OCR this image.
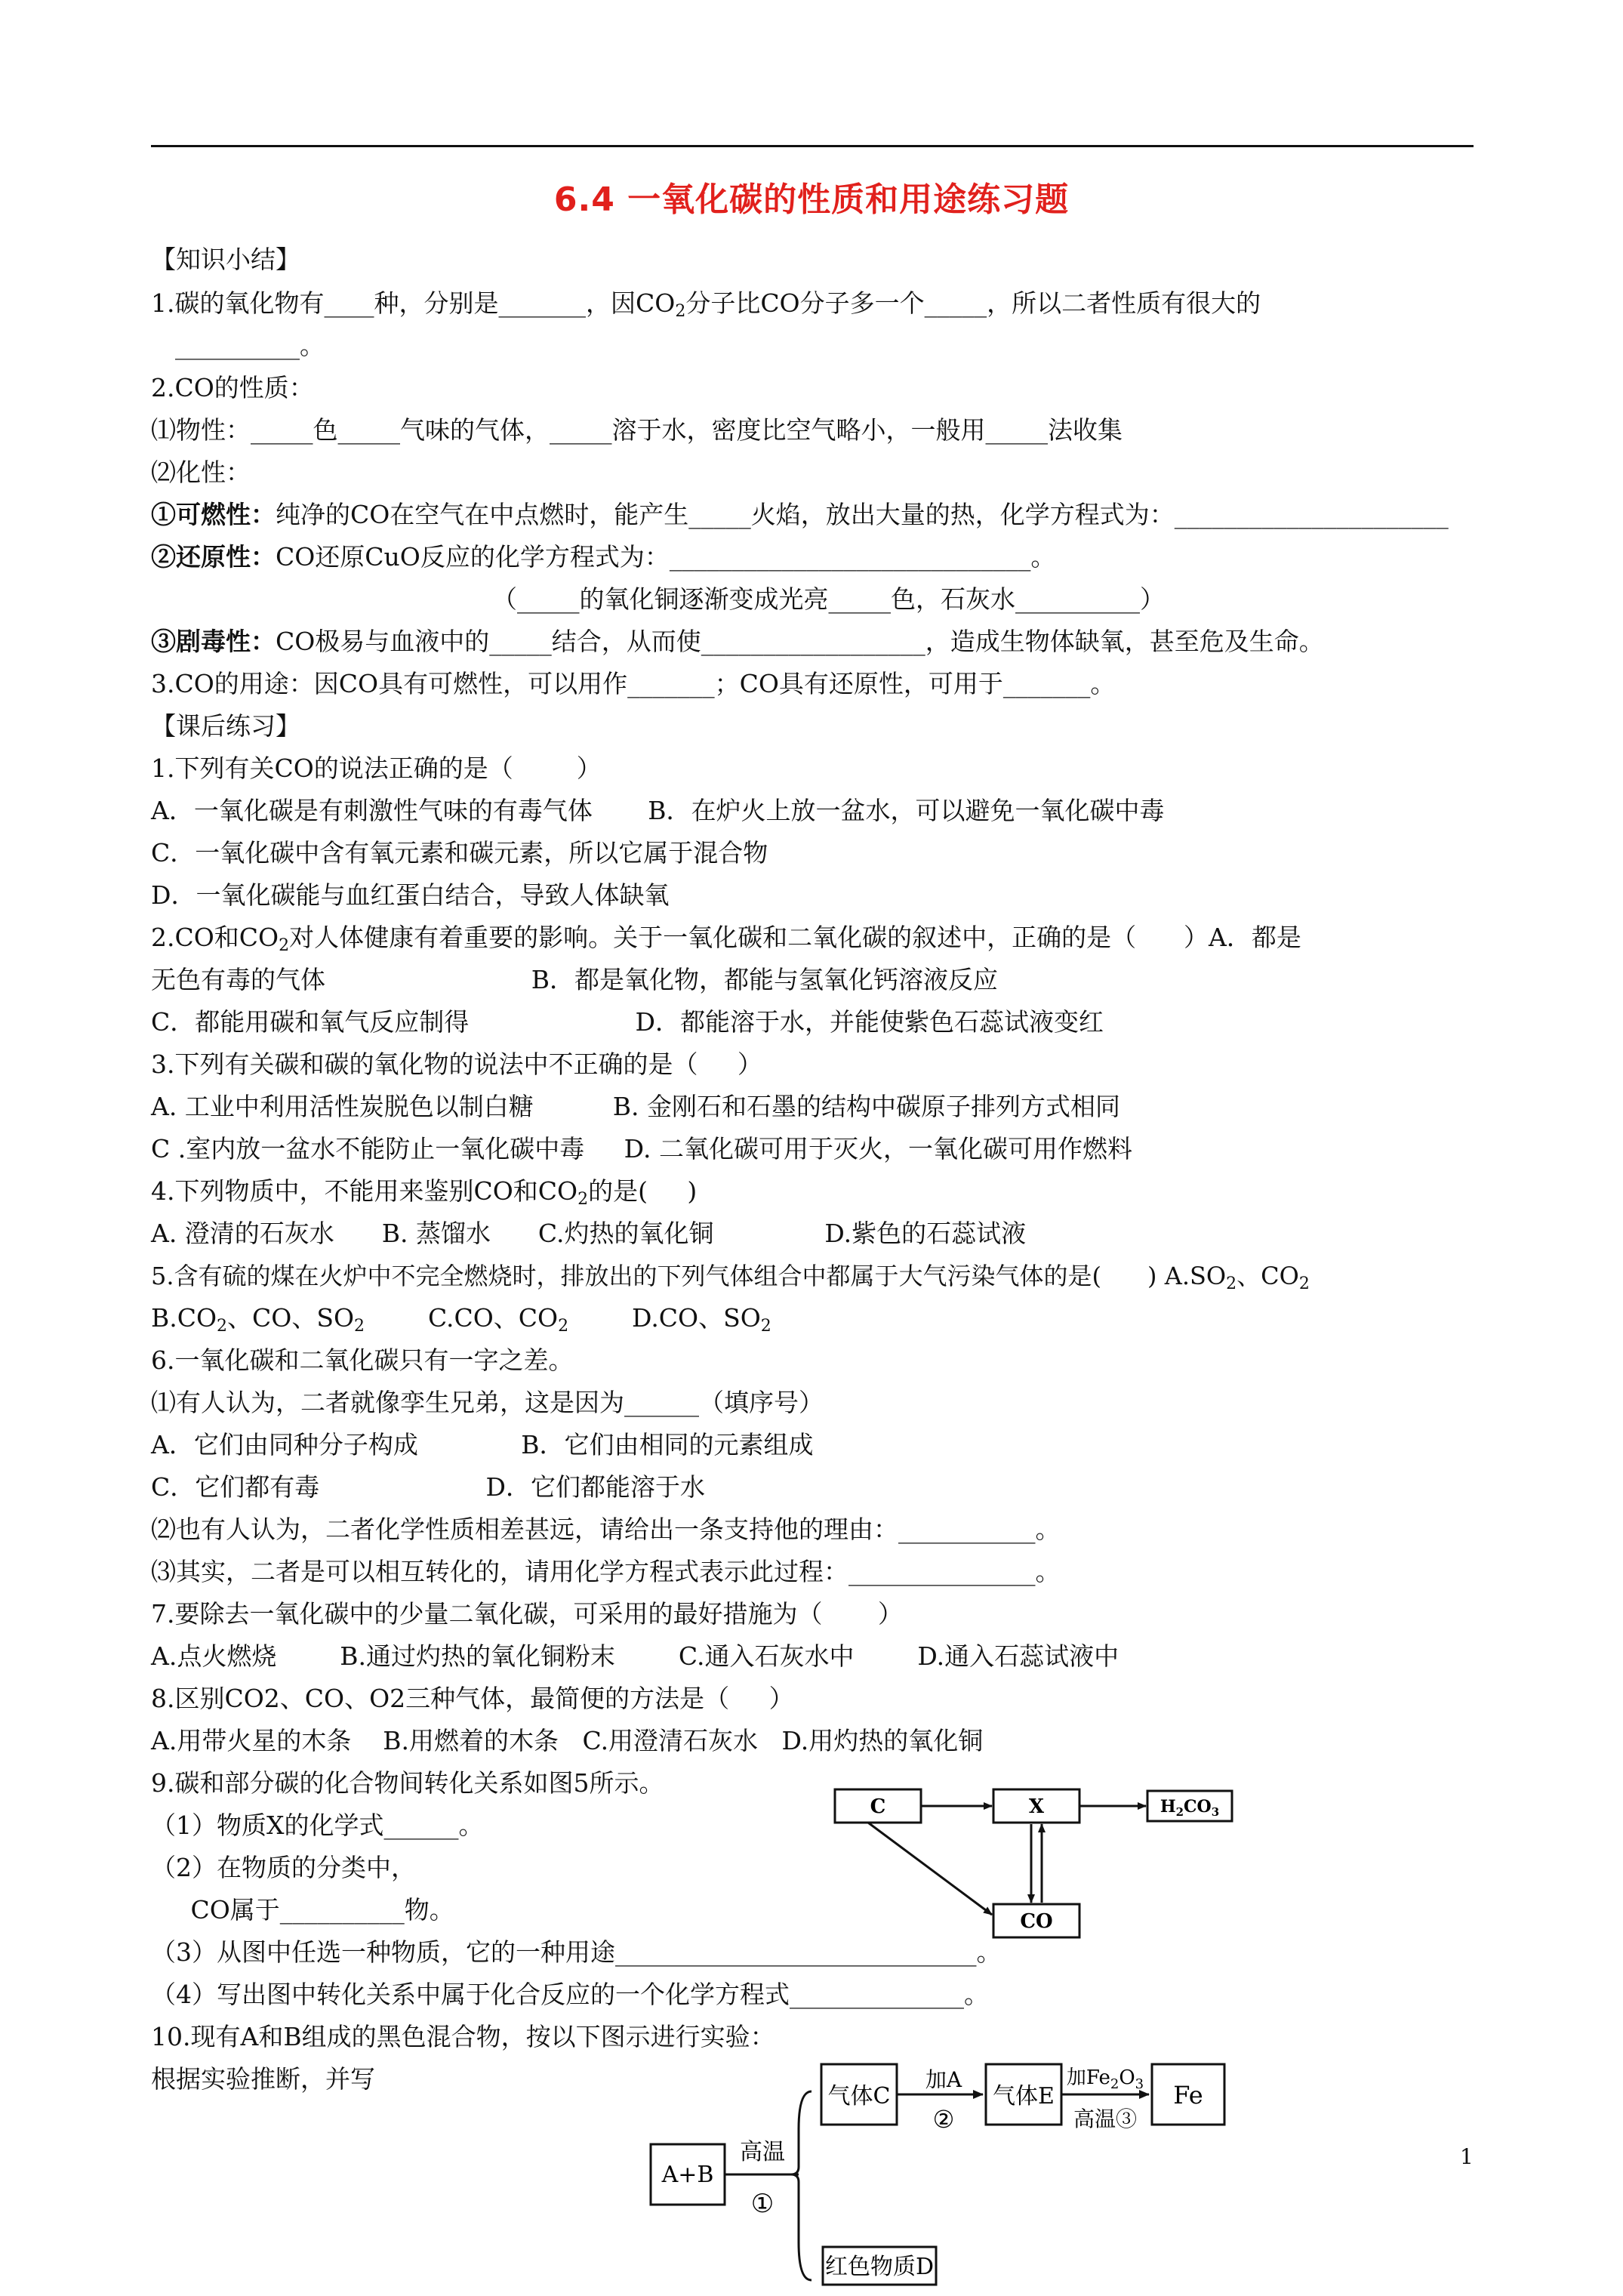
6.4 一氧化碳的性质和用途练习题
【知识小结】
1.碳的氧化物有____种，分别是_______，因$CO_2$分子比CO分子多一个_____，所以二者性质有很大的
__________。
2.CO的性质：
⑴物性：_____色_____气味的气体，_____溶于水，密度比空气略小，一般用_____法收集
⑵化性：
①可燃性：纯净的CO在空气在中点燃时，能产生_____火焰，放出大量的热，化学方程式为：______________________
②还原性：CO还原CuO反应的化学方程式为：_____________________________。
（_____的氧化铜逐渐变成光亮_____色，石灰水__________）
③剧毒性：CO极易与血液中的_____结合，从而使__________________，造成生物体缺氧，甚至危及生命。
3.CO的用途：因CO具有可燃性，可以用作_______；CO具有还原性，可用于_______。
【课后练习】
1.下列有关CO的说法正确的是（        ）
A．一氧化碳是有刺激性气味的有毒气体       B．在炉火上放一盆水，可以避免一氧化碳中毒
C．一氧化碳中含有氧元素和碳元素，所以它属于混合物
D．一氧化碳能与血红蛋白结合，导致人体缺氧
2.CO和$CO_2$对人体健康有着重要的影响。关于一氧化碳和二氧化碳的叙述中，正确的是（      ）A．都是
无色有毒的气体                          B．都是氧化物，都能与氢氧化钙溶液反应
C．都能用碳和氧气反应制得                     D．都能溶于水，并能使紫色石蕊试液变红
3.下列有关碳和碳的氧化物的说法中不正确的是（     ）
A. 工业中利用活性炭脱色以制白糖          B. 金刚石和石墨的结构中碳原子排列方式相同
C .室内放一盆水不能防止一氧化碳中毒     D. 二氧化碳可用于灭火，一氧化碳可用作燃料
4.下列物质中，不能用来鉴别CO和$CO_2$的是(     )
A. 澄清的石灰水      B. 蒸馏水      C.灼热的氧化铜              D.紫色的石蕊试液
5.含有硫的煤在火炉中不完全燃烧时，排放出的下列气体组合中都属于大气污染气体的是(      ) $A.SO_2$、$CO_2$
$B.CO_2$、CO、$SO_2$	C.CO、$CO_2$	D.CO、$SO_2$
6.一氧化碳和二氧化碳只有一字之差。
⑴有人认为，二者就像孪生兄弟，这是因为______（填序号）
A．它们由同种分子构成             B．它们由相同的元素组成
C．它们都有毒                     D．它们都能溶于水
⑵也有人认为，二者化学性质相差甚远，请给出一条支持他的理由：___________。
⑶其实，二者是可以相互转化的，请用化学方程式表示此过程：_______________。
7.要除去一氧化碳中的少量二氧化碳，可采用的最好措施为（       ）
A.点火燃烧        B.通过灼热的氧化铜粉末        C.通入石灰水中        D.通入石蕊试液中
8.区别CO2、CO、O2三种气体，最简便的方法是（     ）
A.用带火星的木条    B.用燃着的木条   C.用澄清石灰水   D.用灼热的氧化铜
9.碳和部分碳的化合物间转化关系如图5所示。
（1）物质X的化学式______。
（2）在物质的分类中，
CO属于__________物。
（3）从图中任选一种物质，它的一种用途_____________________________。
（4）写出图中转化关系中属于化合反应的一个化学方程式______________。
10.现有A和B组成的黑色混合物，按以下图示进行实验：
根据实验推断，并写
C	X	$H_2CO_3$
CO
A+B
高温
①
气体C
加A
②
气体E
加$Fe_2O_3$
高温③
Fe
红色物质D
1
